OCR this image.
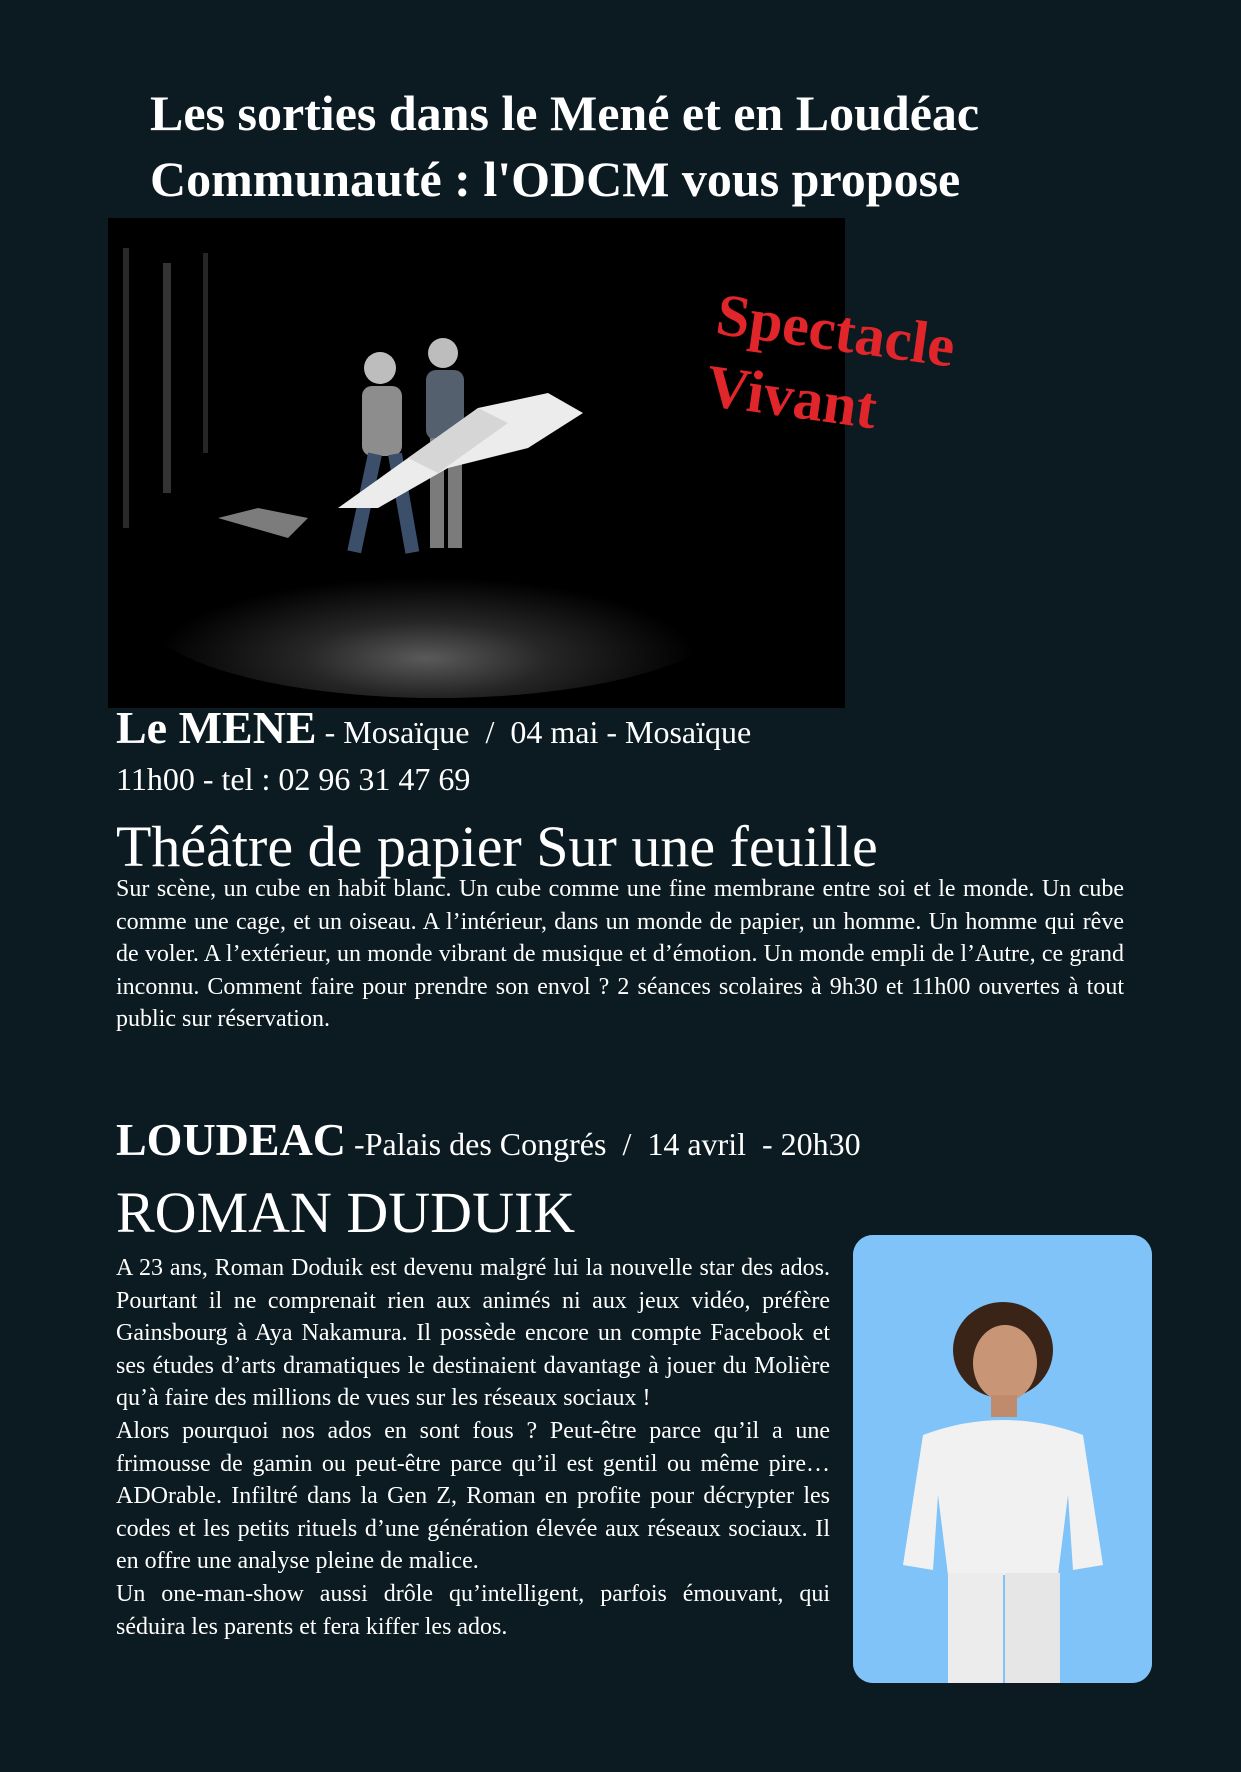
Les sorties dans le Mené et en Loudéac
Communauté : l'ODCM vous propose
Spectacle
Vivant
Le MENE - Mosaïque  /  04 mai - Mosaïque
11h00 - tel : 02 96 31 47 69
Théâtre de papier Sur une feuille

Sur scène, un cube en habit blanc. Un cube comme une fine membrane entre soi et le monde. Un cube comme une cage, et un oiseau. A l’intérieur, dans un monde de papier, un homme. Un homme qui rêve de voler. A l’extérieur, un monde vibrant de musique et d’émotion. Un monde empli de l’Autre, ce grand inconnu. Comment faire pour prendre son envol ? 2 séances scolaires à 9h30 et 11h00 ouvertes à tout public sur réservation.

LOUDEAC -Palais des Congrés  /  14 avril  - 20h30
ROMAN DUDUIK

A 23 ans, Roman Doduik est devenu malgré lui la nouvelle star des ados. Pourtant il ne comprenait rien aux animés ni aux jeux vidéo, préfère Gainsbourg à Aya Nakamura. Il possède encore un compte Facebook et ses études d’arts dramatiques le destinaient davantage à jouer du Molière qu’à faire des millions de vues sur les réseaux sociaux !

Alors pourquoi nos ados en sont fous ? Peut-être parce qu’il a une frimousse de gamin ou peut-être parce qu’il est gentil ou même pire… ADOrable. Infiltré dans la Gen Z, Roman en profite pour décrypter les codes et les petits rituels d’une génération élevée aux réseaux sociaux. Il en offre une analyse pleine de malice.

Un one-man-show aussi drôle qu’intelligent, parfois émouvant, qui séduira les parents et fera kiffer les ados.
